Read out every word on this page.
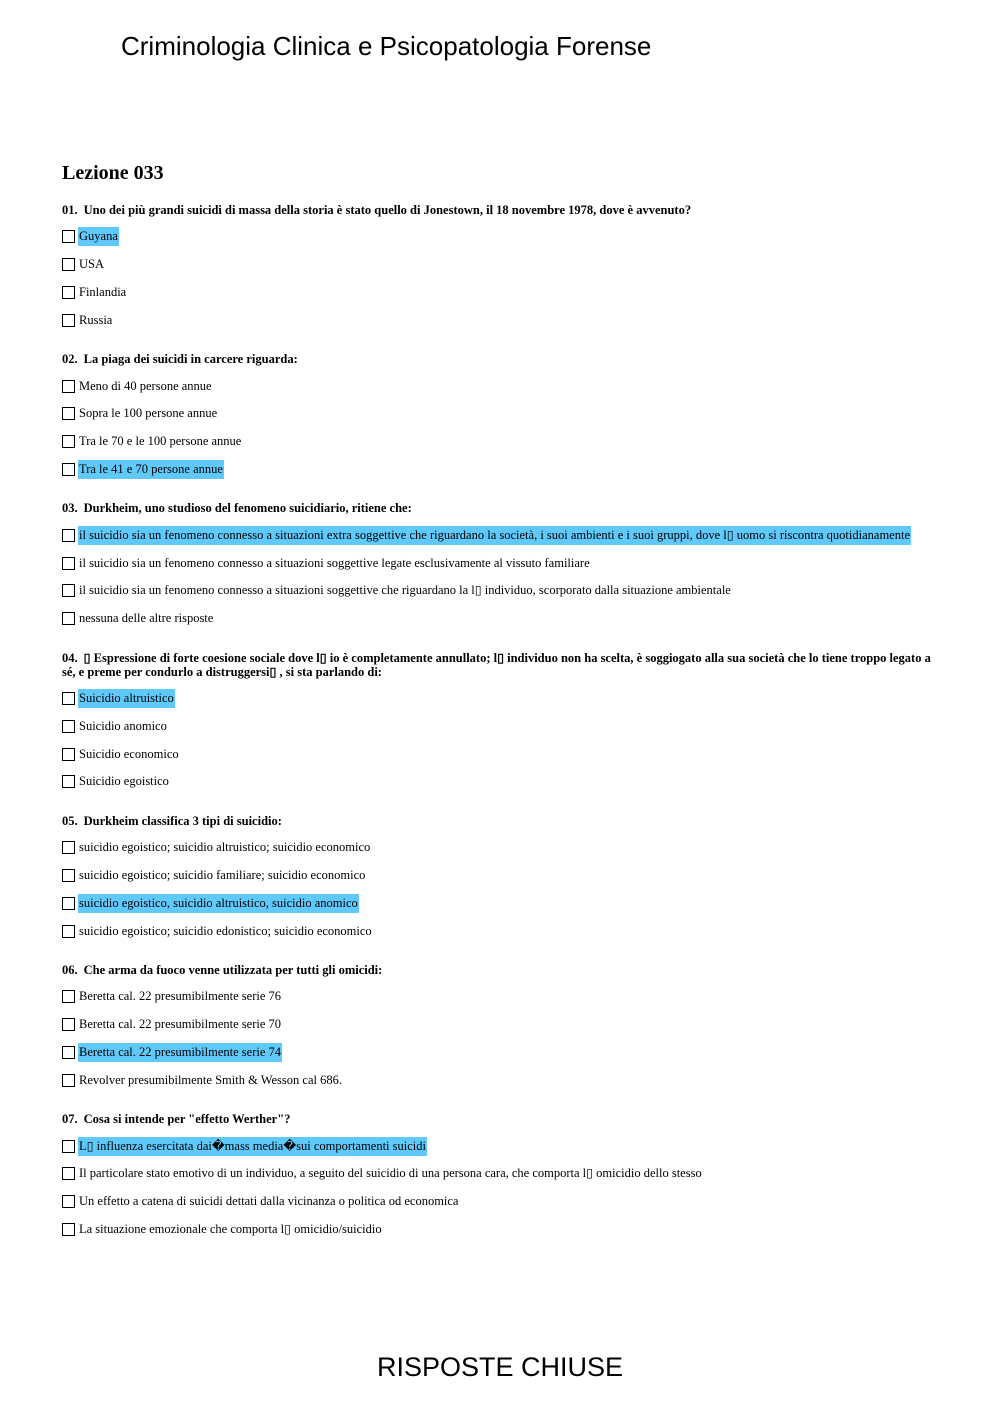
Criminologia Clinica e Psicopatologia Forense
Lezione 033
01. Uno dei più grandi suicidi di massa della storia è stato quello di Jonestown, il 18 novembre 1978, dove è avvenuto?
Guyana
USA
Finlandia
Russia
02. La piaga dei suicidi in carcere riguarda:
Meno di 40 persone annue
Sopra le 100 persone annue
Tra le 70 e le 100 persone annue
Tra le 41 e 70 persone annue
03. Durkheim, uno studioso del fenomeno suicidiario, ritiene che:
il suicidio sia un fenomeno connesso a situazioni extra soggettive che riguardano la società, i suoi ambienti e i suoi gruppi, dove l▯ uomo si riscontra quotidianamente
il suicidio sia un fenomeno connesso a situazioni soggettive legate esclusivamente al vissuto familiare
il suicidio sia un fenomeno connesso a situazioni soggettive che riguardano la l▯ individuo, scorporato dalla situazione ambientale
nessuna delle altre risposte
04. ▯ Espressione di forte coesione sociale dove l▯ io è completamente annullato; l▯ individuo non ha scelta, è soggiogato alla sua società che lo tiene troppo legato a sé, e preme per condurlo a distruggersi▯ , si sta parlando di:
Suicidio altruistico
Suicidio anomico
Suicidio economico
Suicidio egoistico
05. Durkheim classifica 3 tipi di suicidio:
suicidio egoistico; suicidio altruistico; suicidio economico
suicidio egoistico; suicidio familiare; suicidio economico
suicidio egoistico, suicidio altruistico, suicidio anomico
suicidio egoistico; suicidio edonistico; suicidio economico
06. Che arma da fuoco venne utilizzata per tutti gli omicidi:
Beretta cal. 22 presumibilmente serie 76
Beretta cal. 22 presumibilmente serie 70
Beretta cal. 22 presumibilmente serie 74
Revolver presumibilmente Smith & Wesson cal 686.
07. Cosa si intende per "effetto Werther"?
L▯ influenza esercitata dai�mass media�sui comportamenti suicidi
Il particolare stato emotivo di un individuo, a seguito del suicidio di una persona cara, che comporta l▯ omicidio dello stesso
Un effetto a catena di suicidi dettati dalla vicinanza o politica od economica
La situazione emozionale che comporta l▯ omicidio/suicidio
RISPOSTE CHIUSE
